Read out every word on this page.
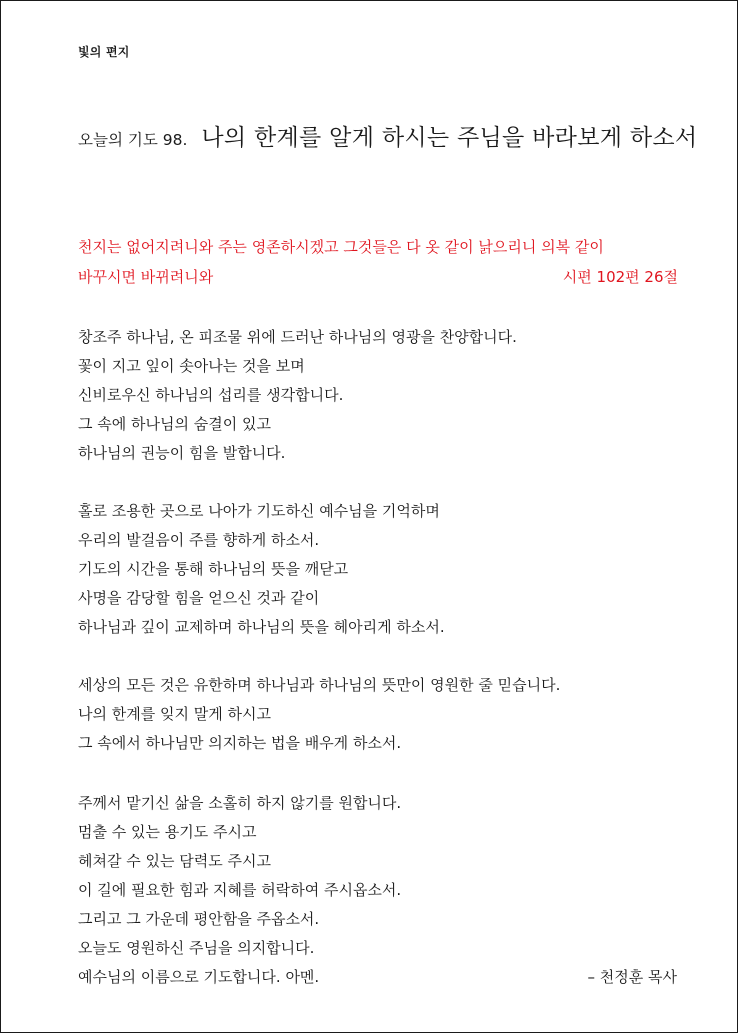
빛의 편지
오늘의 기도 98. 나의 한계를 알게 하시는 주님을 바라보게 하소서
천지는 없어지려니와 주는 영존하시겠고 그것들은 다 옷 같이 낡으리니 의복 같이
바꾸시면 바뀌려니와	시편 102편 26절
창조주 하나님, 온 피조물 위에 드러난 하나님의 영광을 찬양합니다.
꽃이 지고 잎이 솟아나는 것을 보며
신비로우신 하나님의 섭리를 생각합니다.
그 속에 하나님의 숨결이 있고
하나님의 권능이 힘을 발합니다.
홀로 조용한 곳으로 나아가 기도하신 예수님을 기억하며
우리의 발걸음이 주를 향하게 하소서.
기도의 시간을 통해 하나님의 뜻을 깨닫고
사명을 감당할 힘을 얻으신 것과 같이
하나님과 깊이 교제하며 하나님의 뜻을 헤아리게 하소서.
세상의 모든 것은 유한하며 하나님과 하나님의 뜻만이 영원한 줄 믿습니다.
나의 한계를 잊지 말게 하시고
그 속에서 하나님만 의지하는 법을 배우게 하소서.
주께서 맡기신 삶을 소홀히 하지 않기를 원합니다.
멈출 수 있는 용기도 주시고
헤쳐갈 수 있는 담력도 주시고
이 길에 필요한 힘과 지혜를 허락하여 주시옵소서.
그리고 그 가운데 평안함을 주옵소서.
오늘도 영원하신 주님을 의지합니다.
예수님의 이름으로 기도합니다. 아멘.	– 천정훈 목사
